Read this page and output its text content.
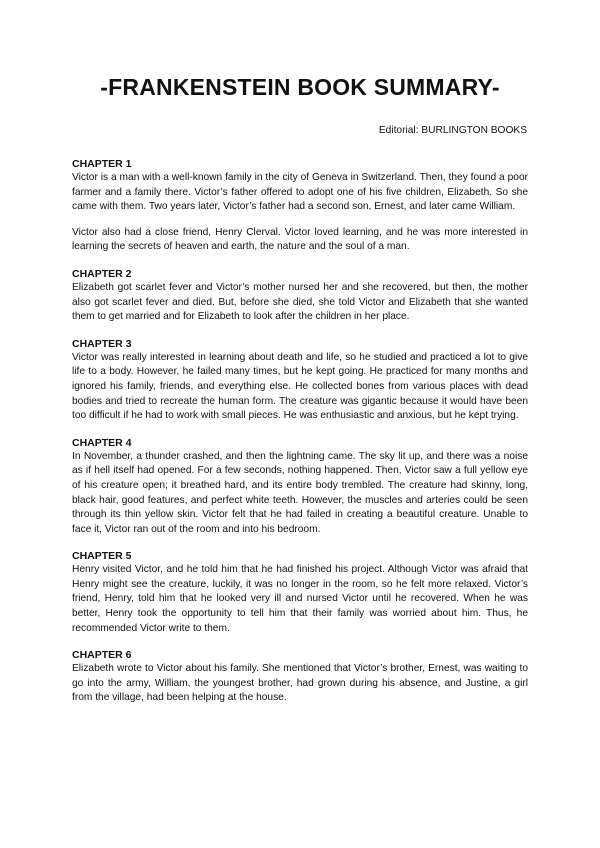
-FRANKENSTEIN BOOK SUMMARY-

Editorial: BURLINGTON BOOKS

CHAPTER 1

Victor is a man with a well-known family in the city of Geneva in Switzerland. Then, they found a poor farmer and a family there. Victor’s father offered to adopt one of his five children, Elizabeth. So she came with them. Two years later, Victor’s father had a second son, Ernest, and later came William.

Victor also had a close friend, Henry Clerval. Victor loved learning, and he was more interested in learning the secrets of heaven and earth, the nature and the soul of a man.

CHAPTER 2

Elizabeth got scarlet fever and Victor’s mother nursed her and she recovered, but then, the mother also got scarlet fever and died. But, before she died, she told Victor and Elizabeth that she wanted them to get married and for Elizabeth to look after the children in her place.

CHAPTER 3

Victor was really interested in learning about death and life, so he studied and practiced a lot to give life to a body. However, he failed many times, but he kept going. He practiced for many months and ignored his family, friends, and everything else. He collected bones from various places with dead bodies and tried to recreate the human form. The creature was gigantic because it would have been too difficult if he had to work with small pieces. He was enthusiastic and anxious, but he kept trying.

CHAPTER 4

In November, a thunder crashed, and then the lightning came. The sky lit up, and there was a noise as if hell itself had opened. For a few seconds, nothing happened. Then, Victor saw a full yellow eye of his creature open; it breathed hard, and its entire body trembled. The creature had skinny, long, black hair, good features, and perfect white teeth. However, the muscles and arteries could be seen through its thin yellow skin. Victor felt that he had failed in creating a beautiful creature. Unable to face it, Victor ran out of the room and into his bedroom.

CHAPTER 5

Henry visited Victor, and he told him that he had finished his project. Although Victor was afraid that Henry might see the creature, luckily, it was no longer in the room, so he felt more relaxed. Victor’s friend, Henry, told him that he looked very ill and nursed Victor until he recovered. When he was better, Henry took the opportunity to tell him that their family was worried about him. Thus, he recommended Victor write to them.

CHAPTER 6

Elizabeth wrote to Victor about his family. She mentioned that Victor’s brother, Ernest, was waiting to go into the army, William, the youngest brother, had grown during his absence, and Justine, a girl from the village, had been helping at the house.
